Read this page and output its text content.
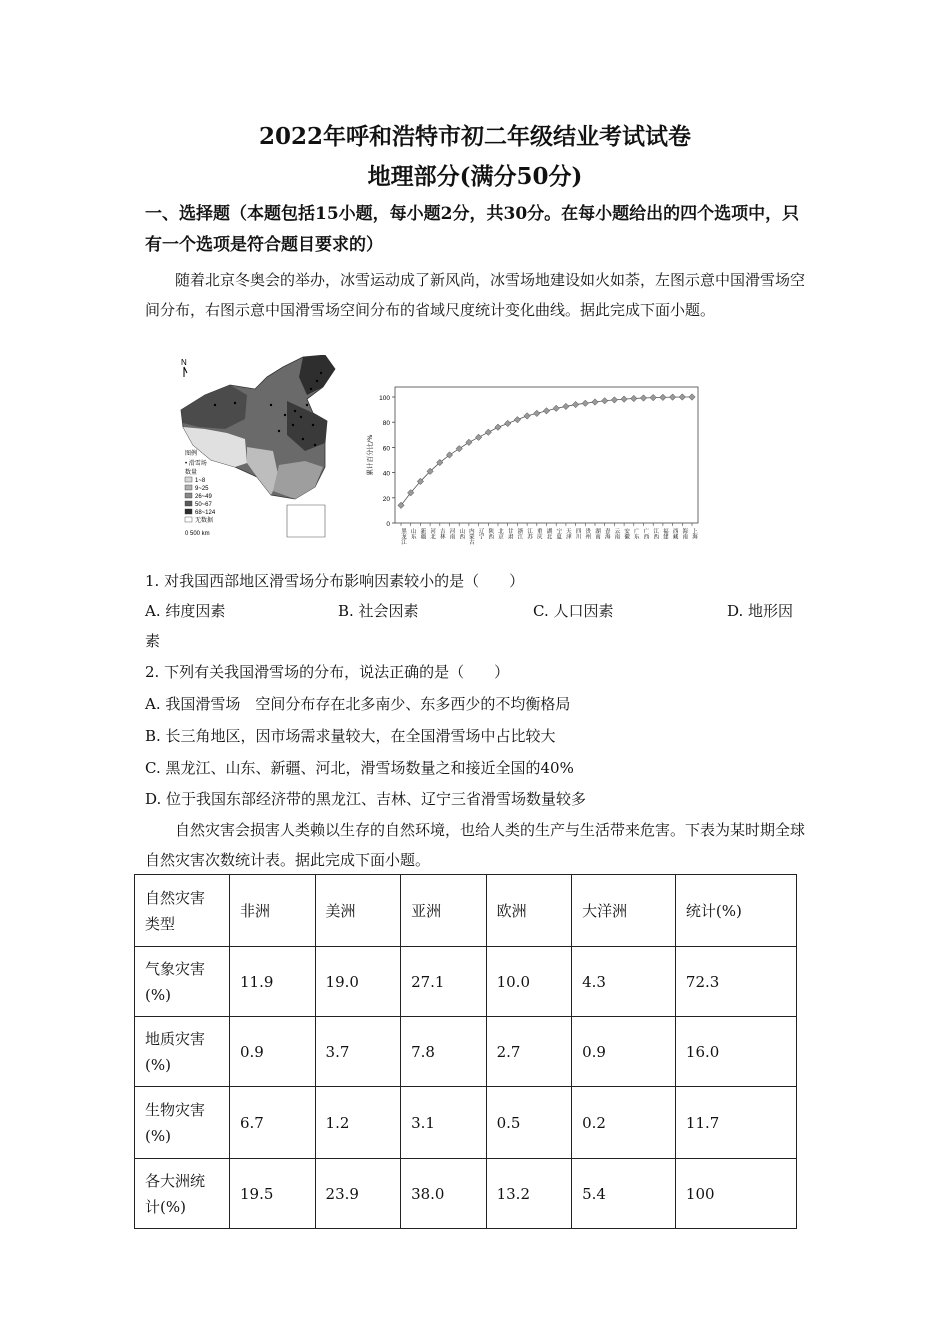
2022年呼和浩特市初二年级结业考试试卷
地理部分(满分50分)
一、选择题（本题包括15小题，每小题2分，共30分。在每小题给出的四个选项中，只有一个选项是符合题目要求的）
随着北京冬奥会的举办，冰雪运动成了新风尚，冰雪场地建设如火如荼，左图示意中国滑雪场空间分布，右图示意中国滑雪场空间分布的省域尺度统计变化曲线。据此完成下面小题。
N
图例
• 滑雪场
数量
1~8
9~25
26~49
50~67
68~124
无数据
0 500 km
0
20
40
60
80
100
累计百分比/%
黑龙江 山东 新疆 河北 吉林 河南 山西 内蒙古 辽宁 陕西 北京 甘肃 浙江 江苏 重庆 湖北 宁夏 天津 四川 贵州 湖南 青海 云南 安徽 广东 广西 江西 福建 西藏 海南 上海
1. 对我国西部地区滑雪场分布影响因素较小的是（　　）
A. 纬度因素	B. 社会因素	C. 人口因素	D. 地形因
素
2. 下列有关我国滑雪场的分布，说法正确的是（　　）
A. 我国滑雪场　空间分布存在北多南少、东多西少的不均衡格局
B. 长三角地区，因市场需求量较大，在全国滑雪场中占比较大
C. 黑龙江、山东、新疆、河北，滑雪场数量之和接近全国的40%
D. 位于我国东部经济带的黑龙江、吉林、辽宁三省滑雪场数量较多
自然灾害会损害人类赖以生存的自然环境，也给人类的生产与生活带来危害。下表为某时期全球自然灾害次数统计表。据此完成下面小题。
自然灾害类型	非洲	美洲	亚洲	欧洲	大洋洲	统计(%)
气象灾害(%)	11.9	19.0	27.1	10.0	4.3	72.3
地质灾害(%)	0.9	3.7	7.8	2.7	0.9	16.0
生物灾害(%)	6.7	1.2	3.1	0.5	0.2	11.7
各大洲统计(%)	19.5	23.9	38.0	13.2	5.4	100
